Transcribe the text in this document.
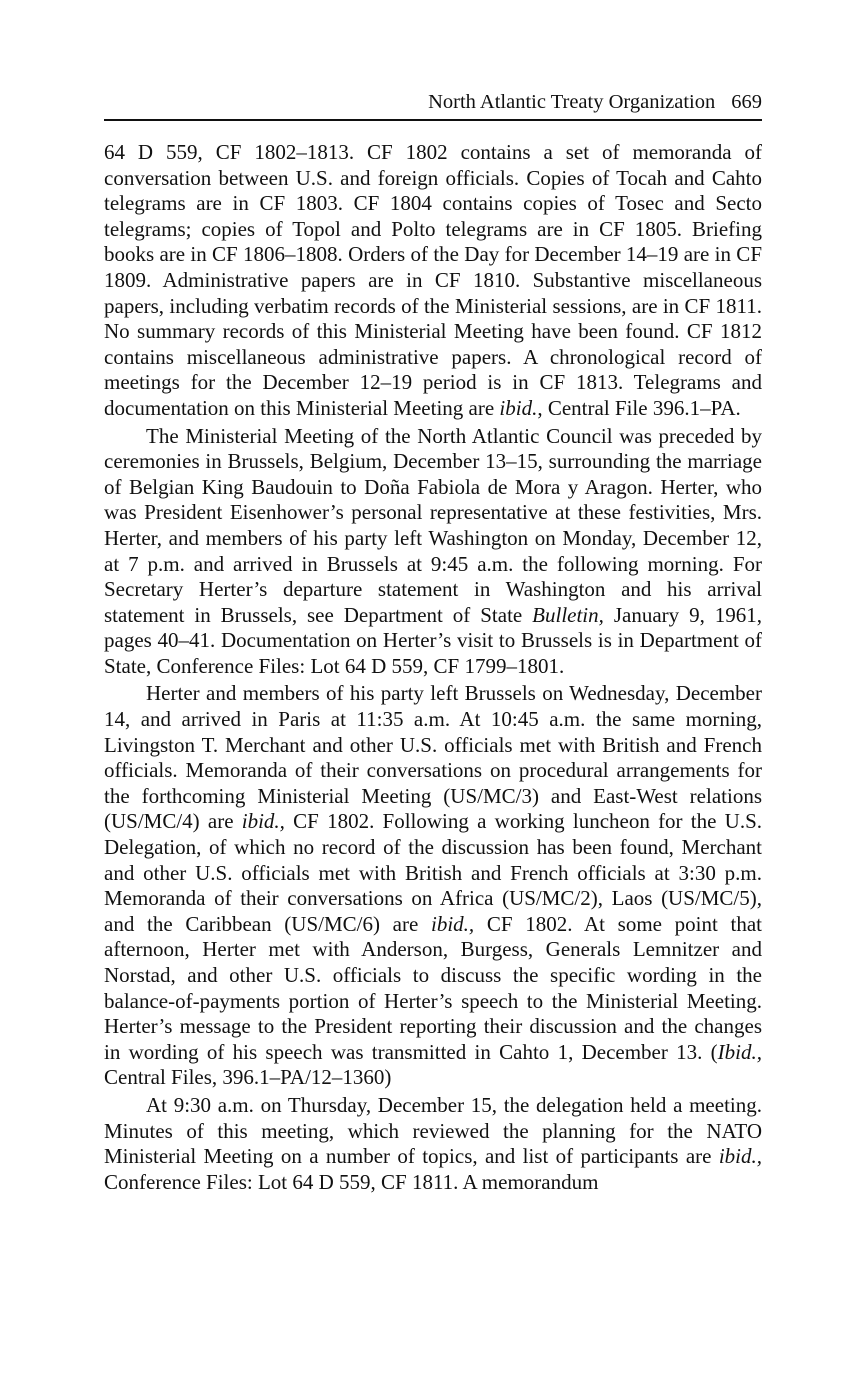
North Atlantic Treaty Organization 669

64 D 559, CF 1802–1813. CF 1802 contains a set of memoranda of conversation between U.S. and foreign officials. Copies of Tocah and Cahto telegrams are in CF 1803. CF 1804 contains copies of Tosec and Secto telegrams; copies of Topol and Polto telegrams are in CF 1805. Briefing books are in CF 1806–1808. Orders of the Day for December 14–19 are in CF 1809. Administrative papers are in CF 1810. Substantive miscellaneous papers, including verbatim records of the Ministerial sessions, are in CF 1811. No summary records of this Ministerial Meeting have been found. CF 1812 contains miscellaneous administrative papers. A chronological record of meetings for the December 12–19 period is in CF 1813. Telegrams and documentation on this Ministerial Meeting are ibid., Central File 396.1–PA.

The Ministerial Meeting of the North Atlantic Council was preceded by ceremonies in Brussels, Belgium, December 13–15, surrounding the marriage of Belgian King Baudouin to Doña Fabiola de Mora y Aragon. Herter, who was President Eisenhower’s personal representative at these festivities, Mrs. Herter, and members of his party left Washington on Monday, December 12, at 7 p.m. and arrived in Brussels at 9:45 a.m. the following morning. For Secretary Herter’s departure statement in Washington and his arrival statement in Brussels, see Department of State Bulletin, January 9, 1961, pages 40–41. Documentation on Herter’s visit to Brussels is in Department of State, Conference Files: Lot 64 D 559, CF 1799–1801.

Herter and members of his party left Brussels on Wednesday, December 14, and arrived in Paris at 11:35 a.m. At 10:45 a.m. the same morning, Livingston T. Merchant and other U.S. officials met with British and French officials. Memoranda of their conversations on procedural arrangements for the forthcoming Ministerial Meeting (US/MC/3) and East-West relations (US/MC/4) are ibid., CF 1802. Following a working luncheon for the U.S. Delegation, of which no record of the discussion has been found, Merchant and other U.S. officials met with British and French officials at 3:30 p.m. Memoranda of their conversations on Africa (US/MC/2), Laos (US/MC/5), and the Caribbean (US/MC/6) are ibid., CF 1802. At some point that afternoon, Herter met with Anderson, Burgess, Generals Lemnitzer and Norstad, and other U.S. officials to discuss the specific wording in the balance-of-payments portion of Herter’s speech to the Ministerial Meeting. Herter’s message to the President reporting their discussion and the changes in wording of his speech was transmitted in Cahto 1, December 13. (Ibid., Central Files, 396.1–PA/12–1360)

At 9:30 a.m. on Thursday, December 15, the delegation held a meeting. Minutes of this meeting, which reviewed the planning for the NATO Ministerial Meeting on a number of topics, and list of participants are ibid., Conference Files: Lot 64 D 559, CF 1811. A memorandum
